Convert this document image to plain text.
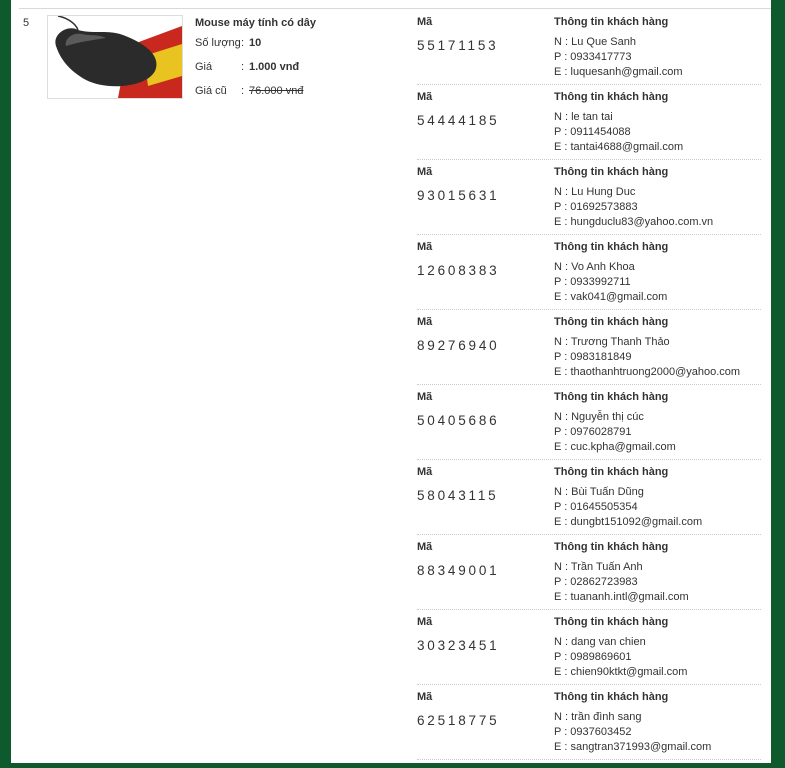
5	Mouse máy tính có dây
Số lượng: 10
Giá	: 1.000 vnđ
Giá cũ : 76.000 vnđ
Mã
55171153
Thông tin khách hàng
N : Lu Que Sanh
P : 0933417773
E : luquesanh@gmail.com
Mã
54444185
Thông tin khách hàng
N : le tan tai
P : 0911454088
E : tantai4688@gmail.com
Mã
93015631
Thông tin khách hàng
N : Lu Hung Duc
P : 01692573883
E : hungduclu83@yahoo.com.vn
Mã
12608383
Thông tin khách hàng
N : Vo Anh Khoa
P : 0933992711
E : vak041@gmail.com
Mã
89276940
Thông tin khách hàng
N : Trương Thanh Thảo
P : 0983181849
E : thaothanhtruong2000@yahoo.com
Mã
50405686
Thông tin khách hàng
N : Nguyễn thị cúc
P : 0976028791
E : cuc.kpha@gmail.com
Mã
58043115
Thông tin khách hàng
N : Bùi Tuấn Dũng
P : 01645505354
E : dungbt151092@gmail.com
Mã
88349001
Thông tin khách hàng
N : Trần Tuấn Anh
P : 02862723983
E : tuananh.intl@gmail.com
Mã
30323451
Thông tin khách hàng
N : dang van chien
P : 0989869601
E : chien90ktkt@gmail.com
Mã
62518775
Thông tin khách hàng
N : trần đình sang
P : 0937603452
E : sangtran371993@gmail.com
